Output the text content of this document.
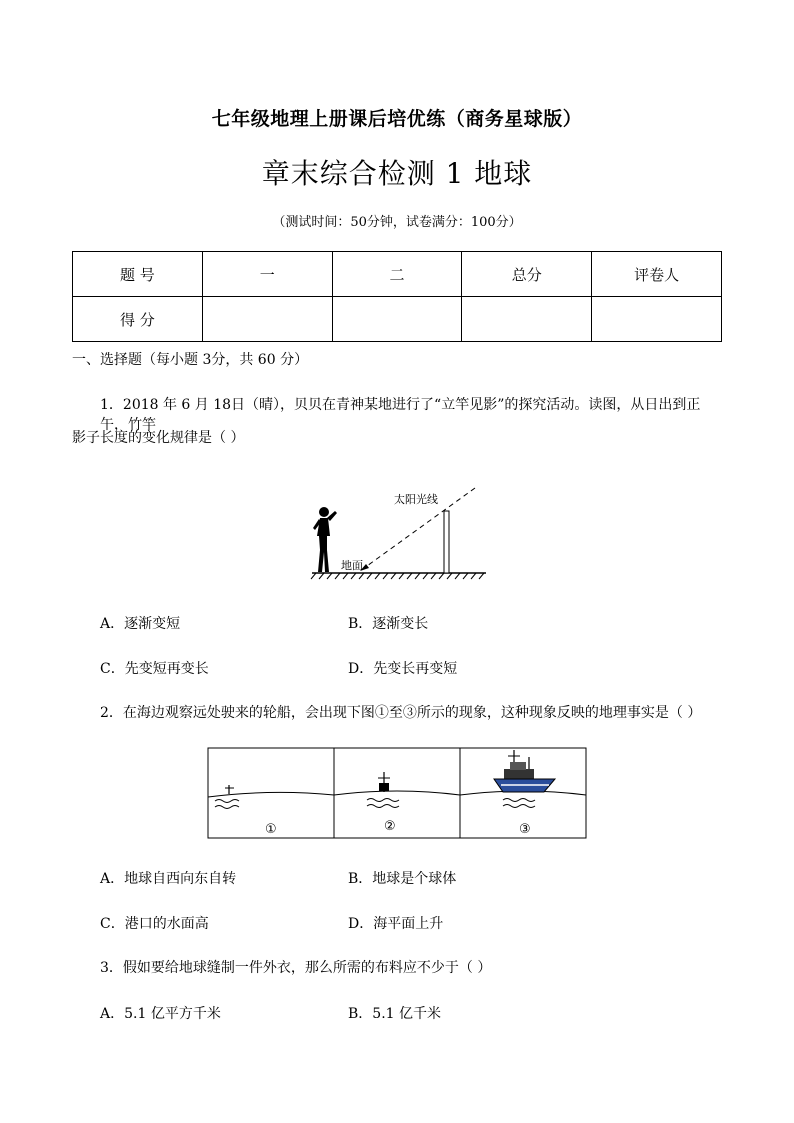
七年级地理上册课后培优练（商务星球版）
章末综合检测 1 地球
（测试时间：50分钟，试卷满分：100分）
题 号	一	二	总分	评卷人
得 分				
一、选择题（每小题 3分，共 60 分）
1．2018 年 6 月 18日（晴），贝贝在青神某地进行了“立竿见影”的探究活动。读图，从日出到正午，竹竿
影子长度的变化规律是（ ）
太阳光线
地面
A．逐渐变短	B．逐渐变长
C．先变短再变长	D．先变长再变短
2．在海边观察远处驶来的轮船，会出现下图①至③所示的现象，这种现象反映的地理事实是（ ）
①	②	③
A．地球自西向东自转	B．地球是个球体
C．港口的水面高	D．海平面上升
3．假如要给地球缝制一件外衣，那么所需的布料应不少于（ ）
A．5.1 亿平方千米	B．5.1 亿千米
